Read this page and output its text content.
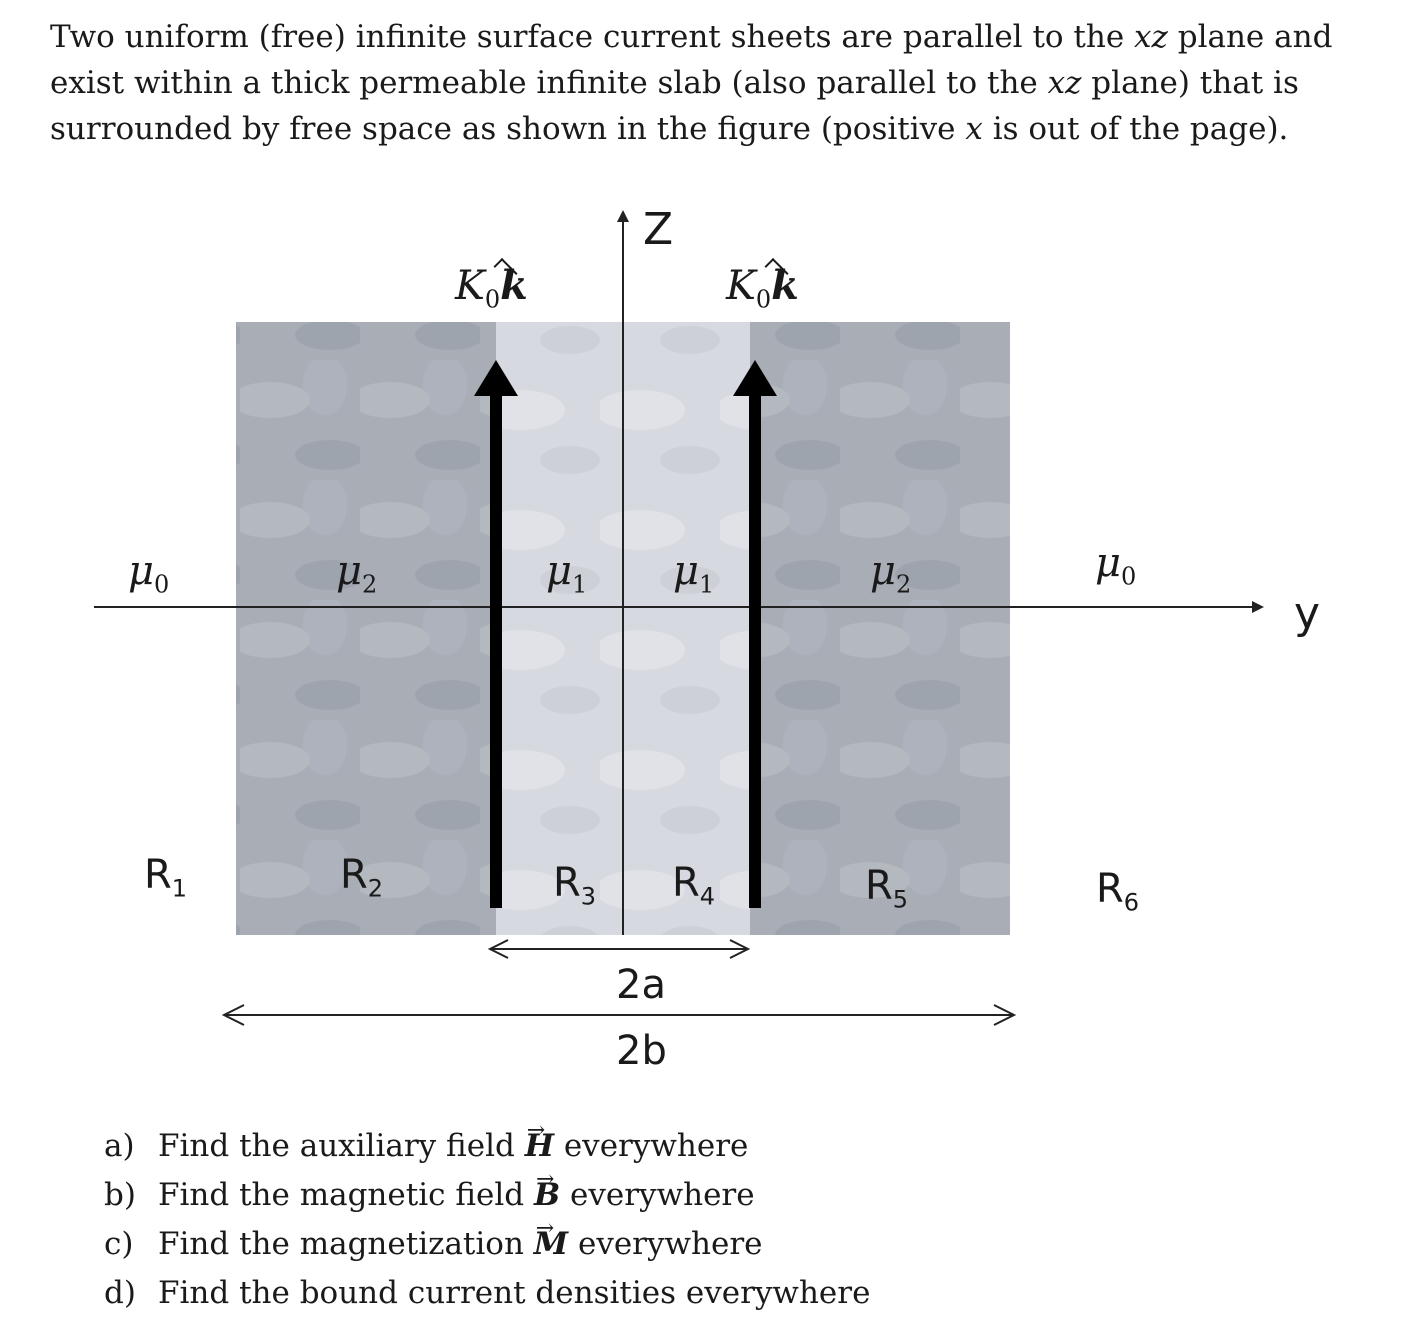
Two uniform (free) infinite surface current sheets are parallel to the xz plane and exist within a thick permeable infinite slab (also parallel to the xz plane) that is surrounded by free space as shown in the figure (positive x is out of the page).

Z
y
$K_0k$	$K_0k$
$\mu_0$	$\mu_2$	$\mu_1$ $\mu_1$	$\mu_2$	$\mu_0$
$R_1$	$R_2$	$R_3$ $R_4$	$R_5$	$R_6$
2a
2b
a) Find the auxiliary field H → everywhere
b) Find the magnetic field B → everywhere
c) Find the magnetization M → everywhere
d) Find the bound current densities everywhere
